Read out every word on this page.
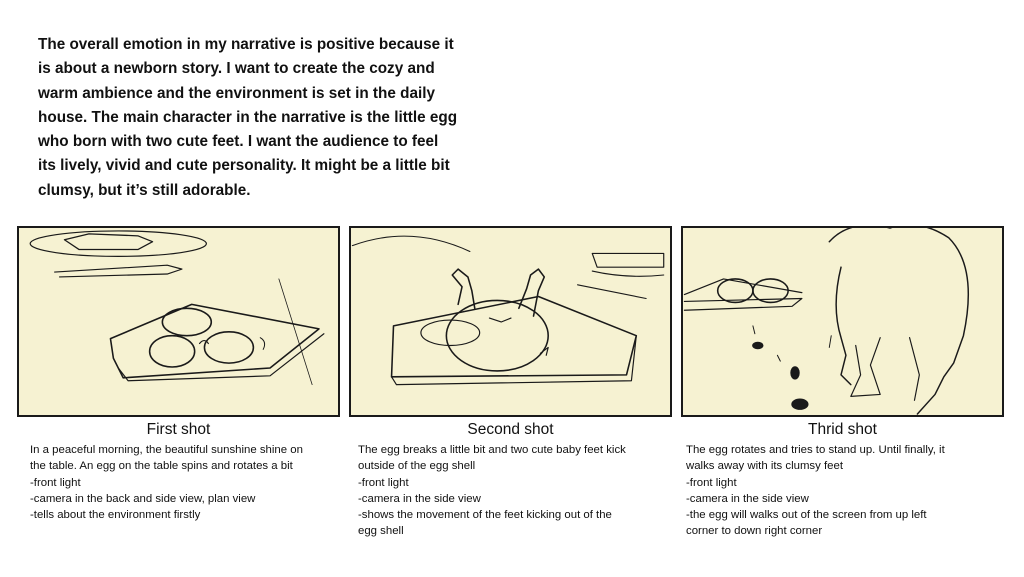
The overall emotion in my narrative is positive because it
is about a newborn story. I want to create the cozy and
warm ambience and the environment is set in the daily
house. The main character in the narrative is the little egg
who born with two cute feet. I want the audience to feel
its lively, vivid and cute personality. It might be a little bit
clumsy, but it’s still adorable.

First shot	Second shot	Thrid shot

In a peaceful morning, the beautiful sunshine shine on
the table. An egg on the table spins and rotates a bit
-front light
-camera in the back and side view, plan view
-tells about the environment firstly

The egg breaks a little bit and two cute baby feet kick
outside of the egg shell
-front light
-camera in the side view
-shows the movement of the feet kicking out of the
egg shell

The egg rotates and tries to stand up. Until finally, it
walks away with its clumsy feet
-front light
-camera in the side view
-the egg will walks out of the screen from up left
corner to down right corner
